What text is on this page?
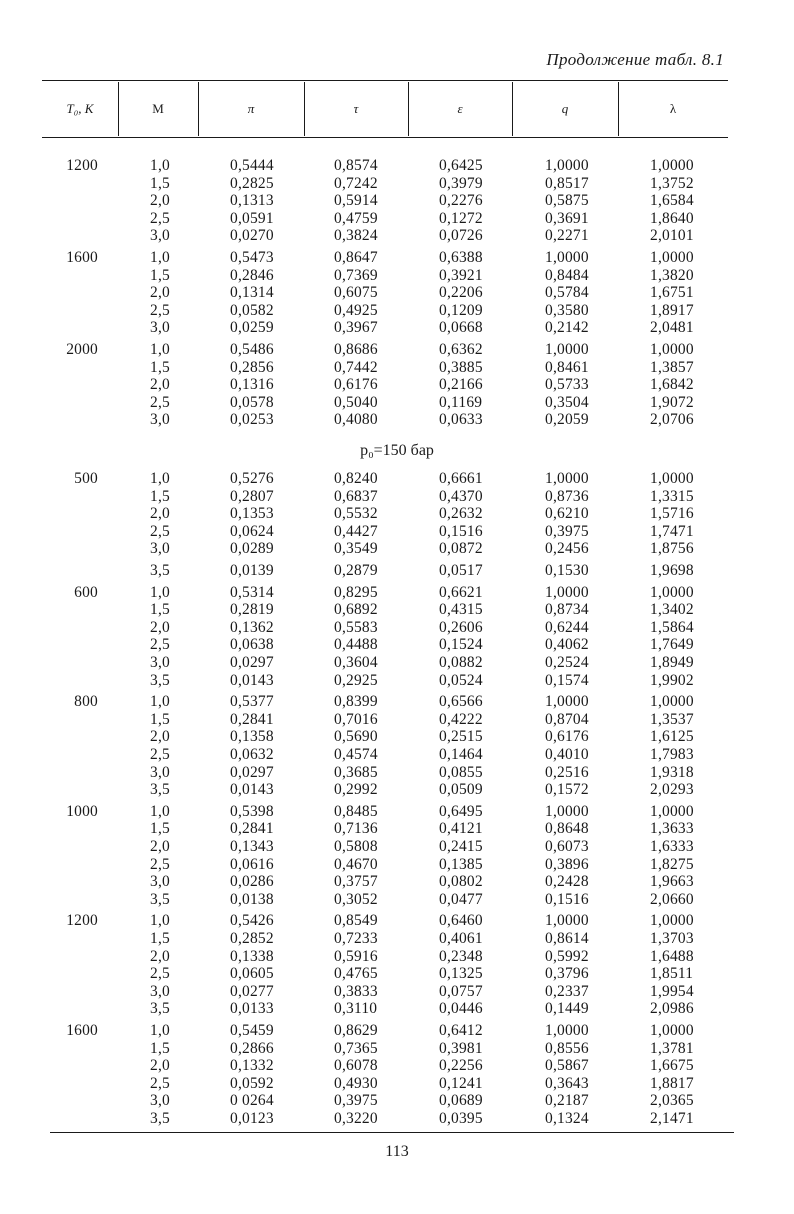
Продолжение табл. 8.1
T₀, K	M	π	τ	ε	q	λ
1200	1,0	0,5444	0,8574	0,6425	1,0000	1,0000
1,5	0,2825	0,7242	0,3979	0,8517	1,3752
2,0	0,1313	0,5914	0,2276	0,5875	1,6584
2,5	0,0591	0,4759	0,1272	0,3691	1,8640
3,0	0,0270	0,3824	0,0726	0,2271	2,0101
1600	1,0	0,5473	0,8647	0,6388	1,0000	1,0000
1,5	0,2846	0,7369	0,3921	0,8484	1,3820
2,0	0,1314	0,6075	0,2206	0,5784	1,6751
2,5	0,0582	0,4925	0,1209	0,3580	1,8917
3,0	0,0259	0,3967	0,0668	0,2142	2,0481
2000	1,0	0,5486	0,8686	0,6362	1,0000	1,0000
1,5	0,2856	0,7442	0,3885	0,8461	1,3857
2,0	0,1316	0,6176	0,2166	0,5733	1,6842
2,5	0,0578	0,5040	0,1169	0,3504	1,9072
3,0	0,0253	0,4080	0,0633	0,2059	2,0706
500	1,0	0,5276	0,8240	0,6661	1,0000	1,0000
1,5	0,2807	0,6837	0,4370	0,8736	1,3315
2,0	0,1353	0,5532	0,2632	0,6210	1,5716
2,5	0,0624	0,4427	0,1516	0,3975	1,7471
3,0	0,0289	0,3549	0,0872	0,2456	1,8756
3,5	0,0139	0,2879	0,0517	0,1530	1,9698
600	1,0	0,5314	0,8295	0,6621	1,0000	1,0000
1,5	0,2819	0,6892	0,4315	0,8734	1,3402
2,0	0,1362	0,5583	0,2606	0,6244	1,5864
2,5	0,0638	0,4488	0,1524	0,4062	1,7649
3,0	0,0297	0,3604	0,0882	0,2524	1,8949
3,5	0,0143	0,2925	0,0524	0,1574	1,9902
800	1,0	0,5377	0,8399	0,6566	1,0000	1,0000
1,5	0,2841	0,7016	0,4222	0,8704	1,3537
2,0	0,1358	0,5690	0,2515	0,6176	1,6125
2,5	0,0632	0,4574	0,1464	0,4010	1,7983
3,0	0,0297	0,3685	0,0855	0,2516	1,9318
3,5	0,0143	0,2992	0,0509	0,1572	2,0293
1000	1,0	0,5398	0,8485	0,6495	1,0000	1,0000
1,5	0,2841	0,7136	0,4121	0,8648	1,3633
2,0	0,1343	0,5808	0,2415	0,6073	1,6333
2,5	0,0616	0,4670	0,1385	0,3896	1,8275
3,0	0,0286	0,3757	0,0802	0,2428	1,9663
3,5	0,0138	0,3052	0,0477	0,1516	2,0660
1200	1,0	0,5426	0,8549	0,6460	1,0000	1,0000
1,5	0,2852	0,7233	0,4061	0,8614	1,3703
2,0	0,1338	0,5916	0,2348	0,5992	1,6488
2,5	0,0605	0,4765	0,1325	0,3796	1,8511
3,0	0,0277	0,3833	0,0757	0,2337	1,9954
3,5	0,0133	0,3110	0,0446	0,1449	2,0986
1600	1,0	0,5459	0,8629	0,6412	1,0000	1,0000
1,5	0,2866	0,7365	0,3981	0,8556	1,3781
2,0	0,1332	0,6078	0,2256	0,5867	1,6675
2,5	0,0592	0,4930	0,1241	0,3643	1,8817
3,0	0 0264	0,3975	0,0689	0,2187	2,0365
3,5	0,0123	0,3220	0,0395	0,1324	2,1471
p₀=150 бар
113
